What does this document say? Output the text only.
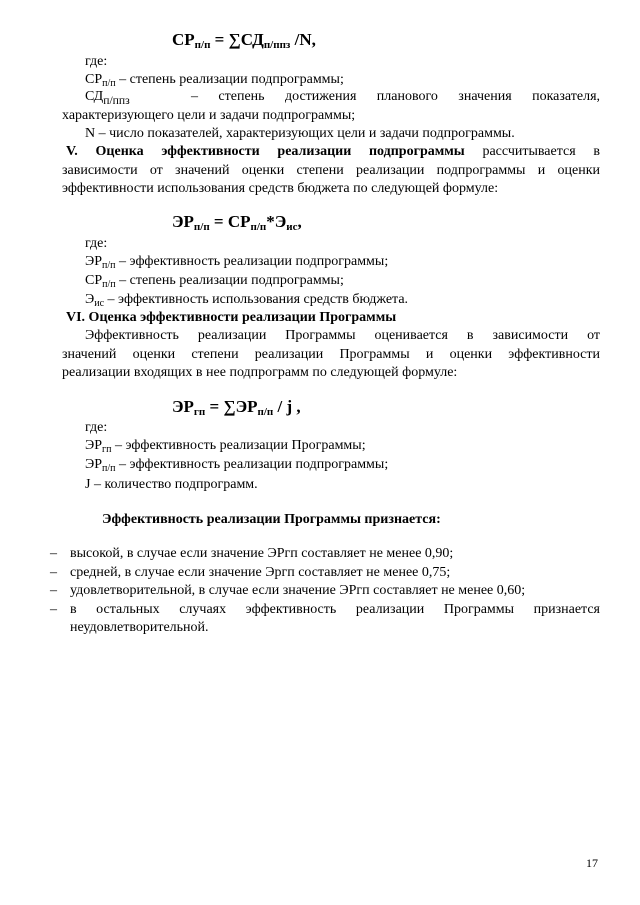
$СР_{п/п} = \sum СД_{п/ппз}$ /N,
где:
$СР_{п/п}$ – степень реализации подпрограммы;
$СД_{п/ппз}$	– степень достижения планового значения показателя,
характеризующего цели и задачи подпрограммы;
N – число показателей, характеризующих цели и задачи подпрограммы.
V. Оценка эффективности реализации подпрограммы рассчитывается в
зависимости от значений оценки степени реализации подпрограммы и оценки
эффективности использования средств бюджета по следующей формуле:
$ЭР_{п/п} = СР_{п/п}*Э_{ис}$,
где:
$ЭР_{п/п}$ – эффективность реализации подпрограммы;
$СР_{п/п}$ – степень реализации подпрограммы;
$Э_{ис}$ – эффективность использования средств бюджета.
VI. Оценка эффективности реализации Программы
Эффективность реализации Программы оценивается в зависимости от
значений оценки степени реализации Программы и оценки эффективности
реализации входящих в нее подпрограмм по следующей формуле:
$ЭР_{гп} = \sum ЭР_{п/п} / j$ ,
где:
$ЭР_{гп}$ – эффективность реализации Программы;
$ЭР_{п/п}$ – эффективность реализации подпрограммы;
J – количество подпрограмм.
Эффективность реализации Программы признается:
– высокой, в случае если значение ЭРгп составляет не менее 0,90;
– средней, в случае если значение Эргп составляет не менее 0,75;
– удовлетворительной, в случае если значение ЭРгп составляет не менее 0,60;
– в остальных случаях эффективность реализации Программы признается
неудовлетворительной.
17
